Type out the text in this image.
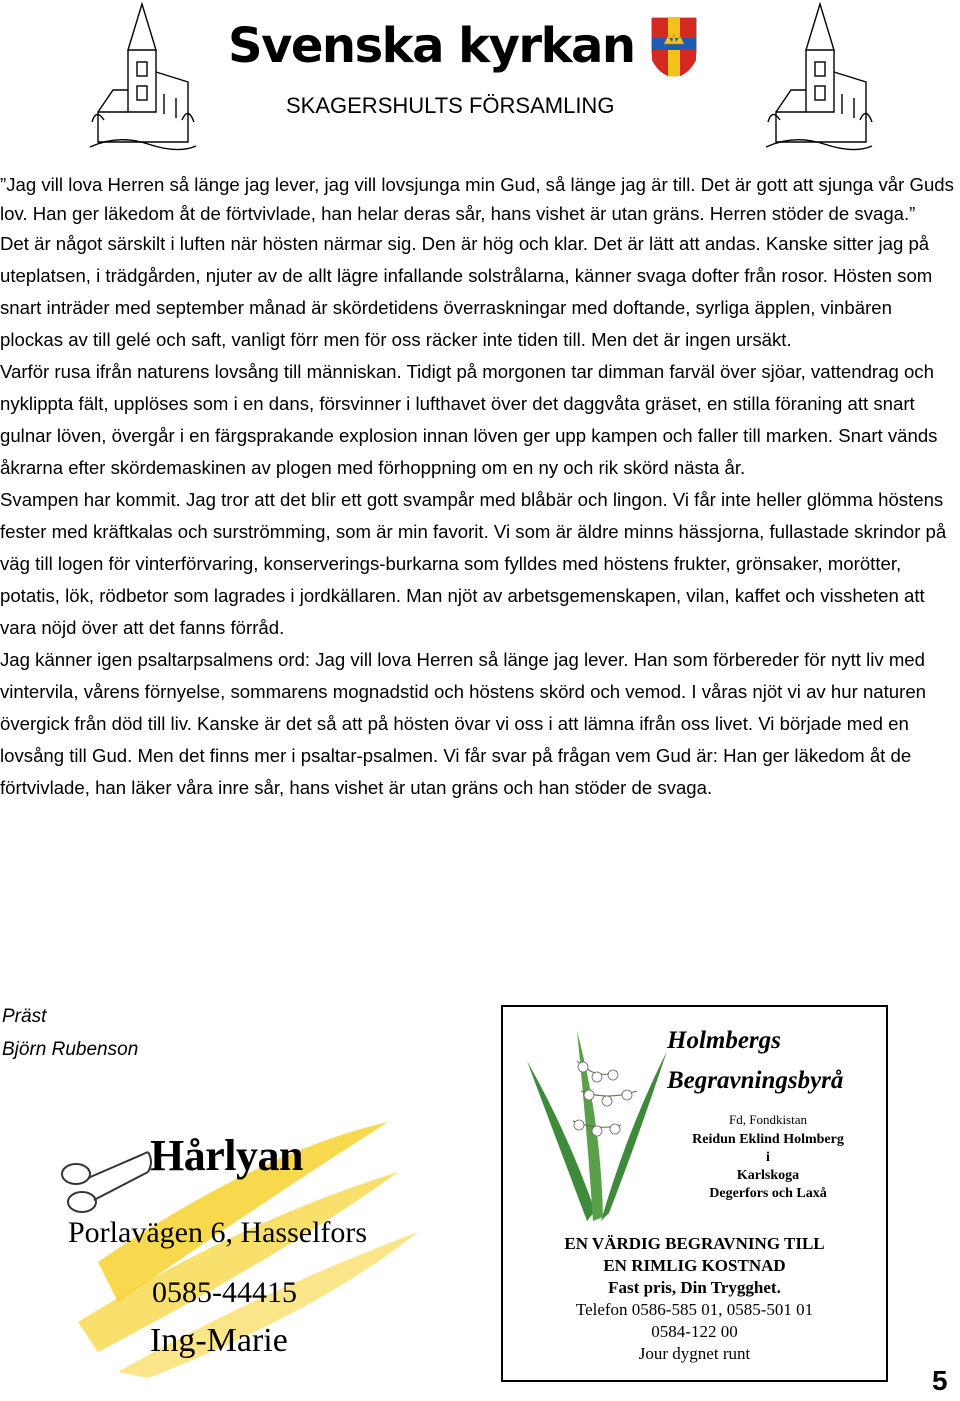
Svenska kyrkan
SKAGERSHULTS FÖRSAMLING

”Jag vill lova Herren så länge jag lever, jag vill lovsjunga min Gud, så länge jag är till. Det är gott att sjunga vår Guds lov. Han ger läkedom åt de förtvivlade, han helar deras sår, hans vishet är utan gräns. Herren stöder de svaga.”

Det är något särskilt i luften när hösten närmar sig. Den är hög och klar. Det är lätt att andas. Kanske sitter jag på uteplatsen, i trädgården, njuter av de allt lägre infallande solstrålarna, känner svaga dofter från rosor. Hösten som snart inträder med september månad är skördetidens överraskningar med doftande, syrliga äpplen, vinbären plockas av till gelé och saft, vanligt förr men för oss räcker inte tiden till. Men det är ingen ursäkt.

Varför rusa ifrån naturens lovsång till människan. Tidigt på morgonen tar dimman farväl över sjöar, vattendrag och nyklippta fält, upplöses som i en dans, försvinner i lufthavet över det daggvåta gräset, en stilla föraning att snart gulnar löven, övergår i en färgsprakande explosion innan löven ger upp kampen och faller till marken. Snart vänds åkrarna efter skördemaskinen av plogen med förhoppning om en ny och rik skörd nästa år.

Svampen har kommit. Jag tror att det blir ett gott svampår med blåbär och lingon. Vi får inte heller glömma höstens fester med kräftkalas och surströmming, som är min favorit. Vi som är äldre minns hässjorna, fullastade skrindor på väg till logen för vinterförvaring, konserverings-burkarna som fylldes med höstens frukter, grönsaker, morötter, potatis, lök, rödbetor som lagrades i jordkällaren. Man njöt av arbetsgemenskapen, vilan, kaffet och vissheten att vara nöjd över att det fanns förråd.

Jag känner igen psaltarpsalmens ord: Jag vill lova Herren så länge jag lever. Han som förbereder för nytt liv med vintervila, vårens förnyelse, sommarens mognadstid och höstens skörd och vemod. I våras njöt vi av hur naturen övergick från död till liv. Kanske är det så att på hösten övar vi oss i att lämna ifrån oss livet. Vi började med en lovsång till Gud. Men det finns mer i psaltar-psalmen. Vi får svar på frågan vem Gud är: Han ger läkedom åt de förtvivlade, han läker våra inre sår, hans vishet är utan gräns och han stöder de svaga.

Präst
Björn Rubenson
Hårlyan
Porlavägen 6, Hasselfors
0585-44415
Ing-Marie
Holmbergs
Begravningsbyrå
Fd, Fondkistan
Reidun Eklind Holmberg
i
Karlskoga
Degerfors och Laxå
EN VÄRDIG BEGRAVNING TILL
EN RIMLIG KOSTNAD
Fast pris, Din Trygghet.
Telefon 0586-585 01, 0585-501 01
0584-122 00
Jour dygnet runt
5
